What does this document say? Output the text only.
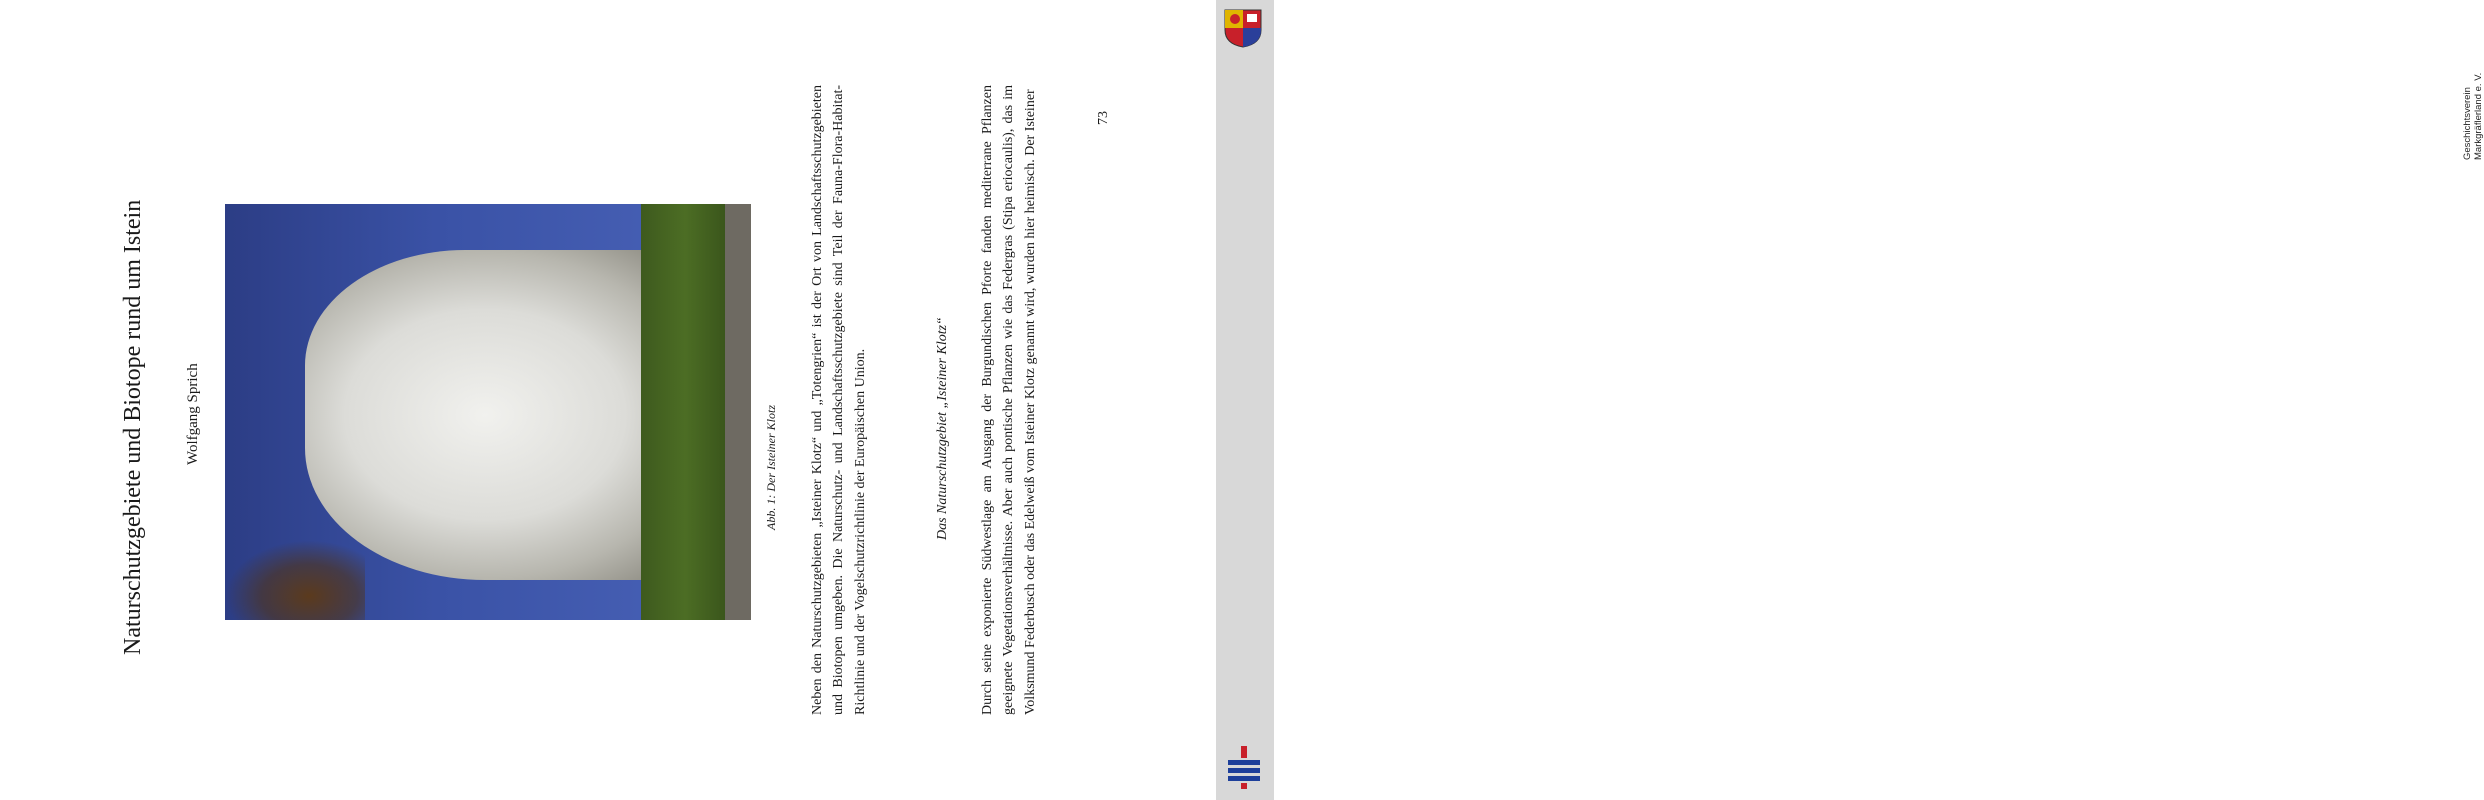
Naturschutzgebiete und Biotope rund um Istein	Wolfgang Sprich	Abb. 1: Der Isteiner Klotz Neben den Naturschutzgebieten „Isteiner Klotz“ und „Totengrien“ ist der Ort von Landschaftsschutzgebieten und Biotopen umgeben. Die Naturschutz- und Landschaftsschutzgebiete sind Teil der Fauna-Flora-Habitat-Richtlinie und der Vogelschutzrichtlinie der Europäischen Union.	Das Naturschutzgebiet „Isteiner Klotz“ Durch seine exponierte Südwestlage am Ausgang der Burgundischen Pforte fanden mediterrane Pflanzen geeignete Vegetationsverhältnisse. Aber auch pontische Pflanzen wie das Federgras (Stipa eriocaulis), das im Volksmund Federbusch oder das Edelweiß vom Isteiner Klotz genannt wird, wurden hier heimisch. Der Isteiner	73	Geschichtsverein Markgräflerland e. V.
